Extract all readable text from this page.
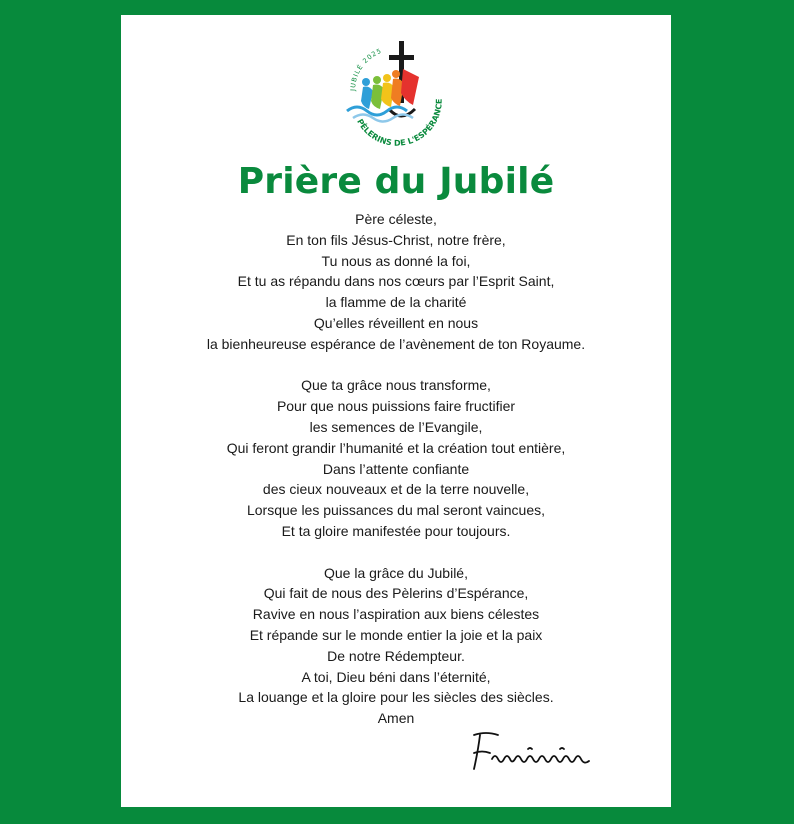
JUBILÉ 2025
PÈLERINS DE L'ESPÉRANCE
Prière du Jubilé

Père céleste,
En ton fils Jésus-Christ, notre frère,
Tu nous as donné la foi,
Et tu as répandu dans nos cœurs par l’Esprit Saint,
la flamme de la charité
Qu’elles réveillent en nous
la bienheureuse espérance de l’avènement de ton Royaume.

Que ta grâce nous transforme,
Pour que nous puissions faire fructifier
les semences de l’Evangile,
Qui feront grandir l’humanité et la création tout entière,
Dans l’attente confiante
des cieux nouveaux et de la terre nouvelle,
Lorsque les puissances du mal seront vaincues,
Et ta gloire manifestée pour toujours.

Que la grâce du Jubilé,
Qui fait de nous des Pèlerins d’Espérance,
Ravive en nous l’aspiration aux biens célestes
Et répande sur le monde entier la joie et la paix
De notre Rédempteur.
A toi, Dieu béni dans l’éternité,
La louange et la gloire pour les siècles des siècles.
Amen
